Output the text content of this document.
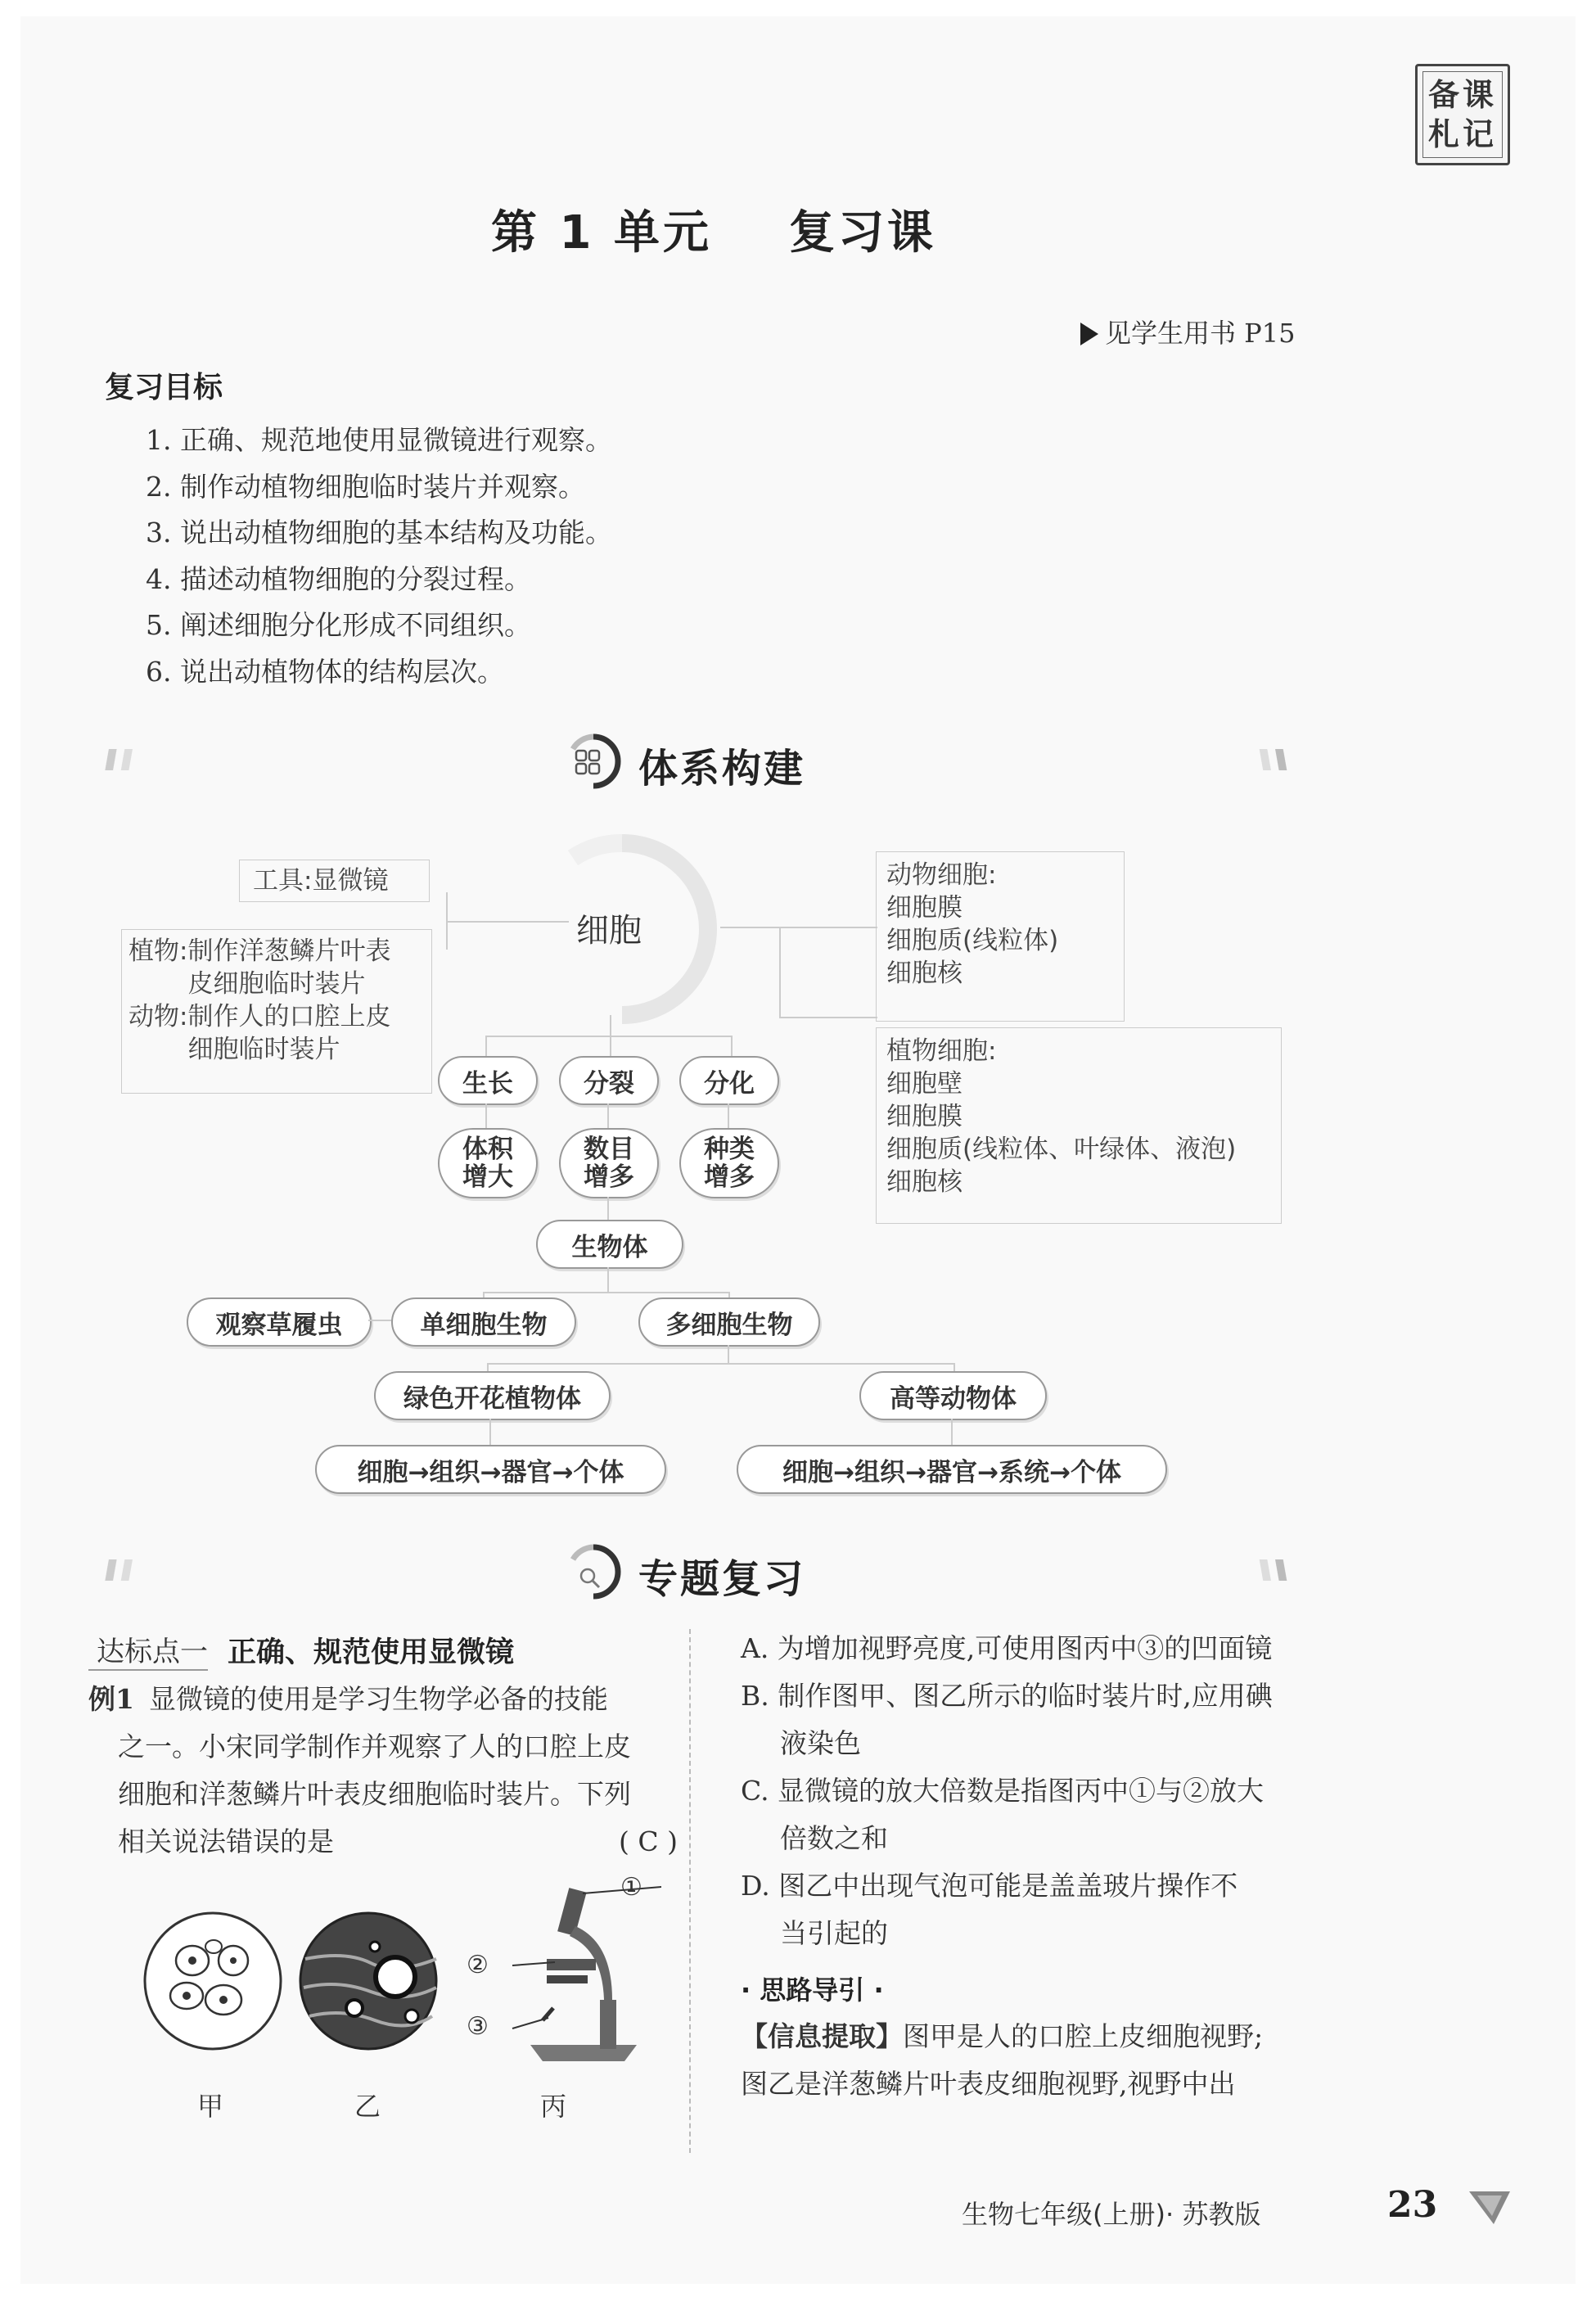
备课
札记
第 1 单元    复习课
见学生用书 P15
复习目标
1. 正确、规范地使用显微镜进行观察。
2. 制作动植物细胞临时装片并观察。
3. 说出动植物细胞的基本结构及功能。
4. 描述动植物细胞的分裂过程。
5. 阐述细胞分化形成不同组织。
6. 说出动植物体的结构层次。
体系构建
细胞
工具:显微镜
植物: 制作洋葱鳞片叶表
皮细胞临时装片
动物: 制作人的口腔上皮
细胞临时装片
动物细胞:
细胞膜
细胞质(线粒体)
细胞核
植物细胞:
细胞壁
细胞膜
细胞质(线粒体、叶绿体、液泡)
细胞核
生长	分裂	分化
体积
增大
数目
增多
种类
增多
生物体
观察草履虫	单细胞生物	多细胞生物
绿色开花植物体	高等动物体
细胞→组织→器官→个体	细胞→组织→器官→系统→个体
专题复习
达标点一 正确、规范使用显微镜
例1 显微镜的使用是学习生物学必备的技能
之一。小宋同学制作并观察了人的口腔上皮
细胞和洋葱鳞片叶表皮细胞临时装片。下列
相关说法错误的是	( C )
①
②
③
甲	乙	丙
A. 为增加视野亮度,可使用图丙中③的凹面镜
B. 制作图甲、图乙所示的临时装片时,应用碘
液染色
C. 显微镜的放大倍数是指图丙中①与②放大
倍数之和
D. 图乙中出现气泡可能是盖盖玻片操作不
当引起的
· 思路导引 ·
【信息提取】图甲是人的口腔上皮细胞视野;
图乙是洋葱鳞片叶表皮细胞视野,视野中出
生物七年级(上册)· 苏教版	23
